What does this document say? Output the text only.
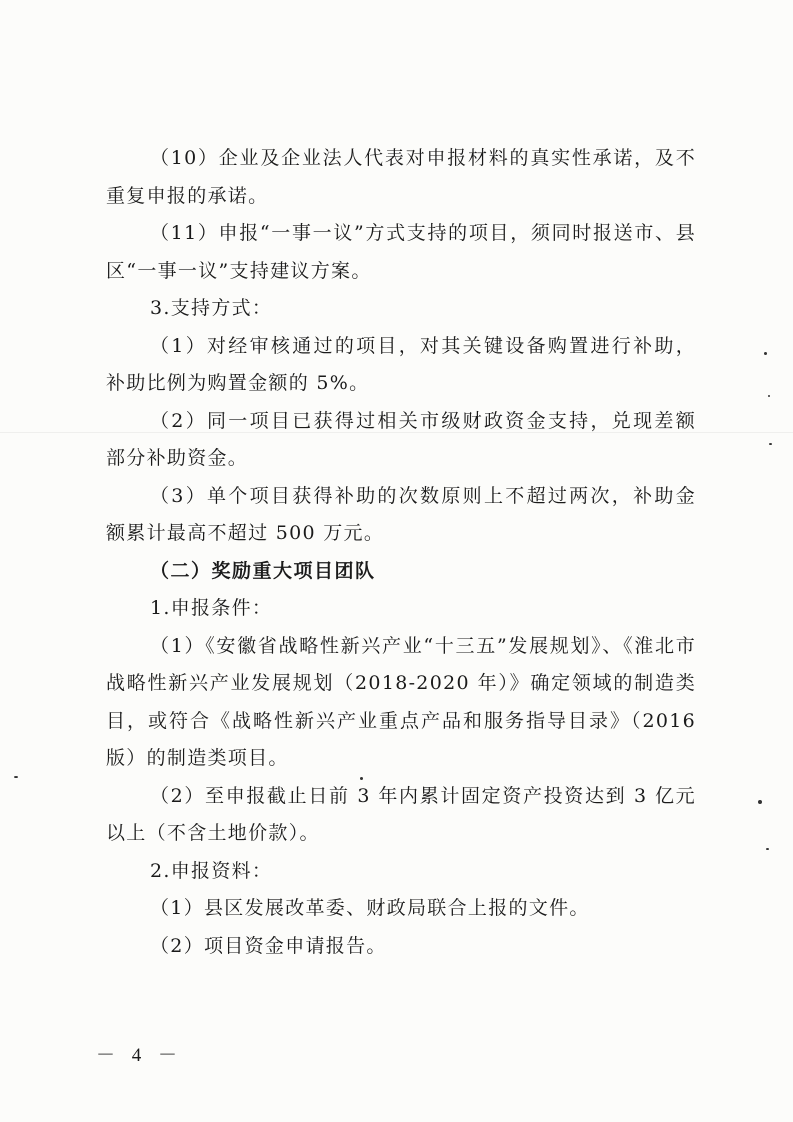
（10）企业及企业法人代表对申报材料的真实性承诺，及不
重复申报的承诺。
（11）申报“一事一议”方式支持的项目，须同时报送市、县
区“一事一议”支持建议方案。
3.支持方式：
（1）对经审核通过的项目，对其关键设备购置进行补助，
补助比例为购置金额的 5%。
（2）同一项目已获得过相关市级财政资金支持，兑现差额
部分补助资金。
（3）单个项目获得补助的次数原则上不超过两次，补助金
额累计最高不超过 500 万元。
（二）奖励重大项目团队
1.申报条件：
（1）《安徽省战略性新兴产业“十三五”发展规划》、《淮北市
战略性新兴产业发展规划（2018-2020 年）》确定领域的制造类
目，或符合《战略性新兴产业重点产品和服务指导目录》（2016
版）的制造类项目。
（2）至申报截止日前 3 年内累计固定资产投资达到 3 亿元
以上（不含土地价款）。
2.申报资料：
（1）县区发展改革委、财政局联合上报的文件。
（2）项目资金申请报告。
－ 4 －
